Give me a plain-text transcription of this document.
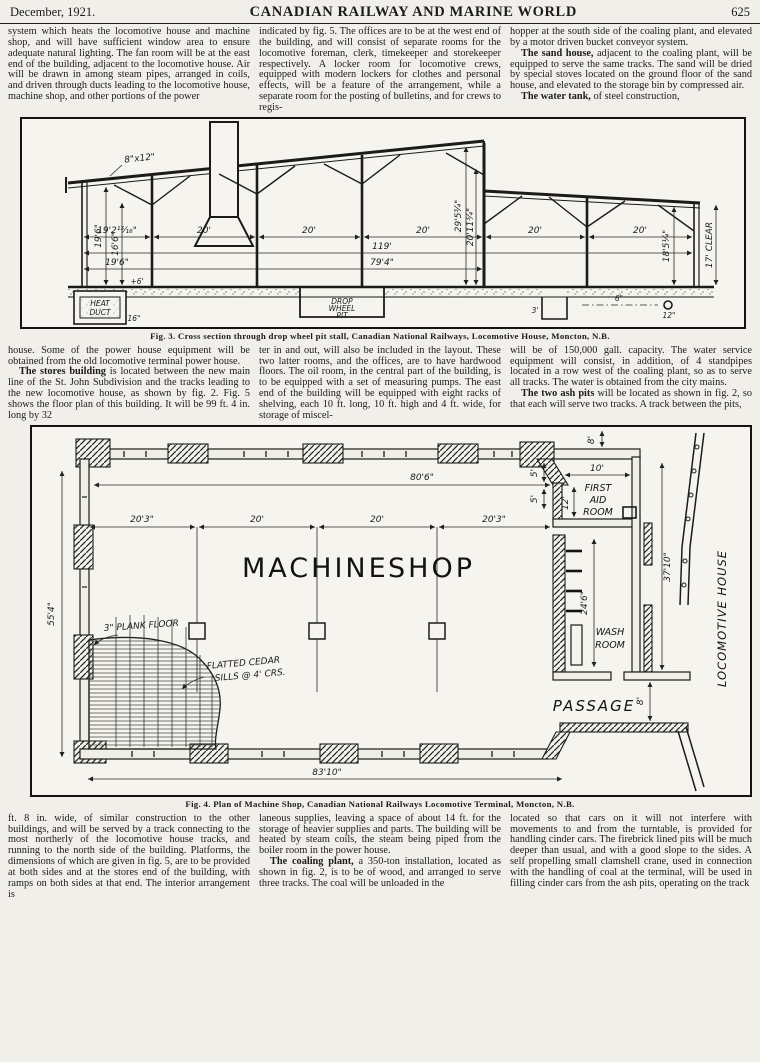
December, 1921.	CANADIAN RAILWAY AND MARINE WORLD	625

system which heats the locomotive house and machine shop, and will have sufficient window area to ensure adequate natural lighting. The fan room will be at the east end of the building, adjacent to the locomotive house. Air will be drawn in among steam pipes, arranged in coils, and driven through ducts leading to the locomotive house, machine shop, and other portions of the power

indicated by fig. 5. The offices are to be at the west end of the building, and will consist of separate rooms for the locomotive foreman, clerk, timekeeper and storekeeper respectively. A locker room for locomotive crews, equipped with modern lockers for clothes and personal effects, will be a feature of the arrangement, while a separate room for the posting of bulletins, and for crews to regis-

hopper at the south side of the coaling plant, and elevated by a motor driven bucket conveyor system.

The sand house, adjacent to the coaling plant, will be equipped to serve the same tracks. The sand will be dried by special stoves located on the ground floor of the sand house, and elevated to the storage bin by compressed air.

The water tank, of steel construction,

19'2¹³⁄₁₆"	20'	20'	20'	20'	20'
119'
19'6"	79'4"
19'6" 16'6"
29'5¾" 20'11¾"	18'5¼"	17' CLEAR
8"x12"
HEAT
DUCT
DROP
WHEEL
PIT
+6'
16"
3'
6"
12"
Fig. 3. Cross section through drop wheel pit stall, Canadian National Railways, Locomotive House, Moncton, N.B.

house. Some of the power house equipment will be obtained from the old locomotive terminal power house.

The stores building is located between the new main line of the St. John Subdivision and the tracks leading to the new locomotive house, as shown by fig. 2. Fig. 5 shows the floor plan of this building. It will be 99 ft. 4 in. long by 32

ter in and out, will also be included in the layout. These two latter rooms, and the offices, are to have hardwood floors. The oil room, in the central part of the building, is to be equipped with a set of measuring pumps. The east end of the building will be equipped with eight racks of shelving, each 10 ft. long, 10 ft. high and 4 ft. wide, for storage of miscel-

will be of 150,000 gall. capacity. The water service equipment will consist, in addition, of 4 standpipes located in a row west of the coaling plant, so as to serve all tracks. The water is obtained from the city mains.

The two ash pits will be located as shown in fig. 2, so that each will serve two tracks. A track between the pits,

MACHINE SHOP
80'6"
20'3"	20'	20'	20'3"
55'4"
83'10"
37'10"
10'
12'
5'
5'
8'
8'
24'6"
FIRST
AID
ROOM
WASH
ROOM
PASSAGE
LOCOMOTIVE HOUSE
3" PLANK FLOOR
FLATTED CEDAR
SILLS @ 4' CRS.
Fig. 4. Plan of Machine Shop, Canadian National Railways Locomotive Terminal, Moncton, N.B.

ft. 8 in. wide, of similar construction to the other buildings, and will be served by a track connecting to the most northerly of the locomotive house tracks, and running to the north side of the building. Platforms, the dimensions of which are given in fig. 5, are to be provided at both sides and at the stores end of the building, with ramps on both sides at that end. The interior arrangement is

laneous supplies, leaving a space of about 14 ft. for the storage of heavier supplies and parts. The building will be heated by steam coils, the steam being piped from the boiler room in the power house.

The coaling plant, a 350-ton installation, located as shown in fig. 2, is to be of wood, and arranged to serve three tracks. The coal will be unloaded in the

located so that cars on it will not interfere with movements to and from the turntable, is provided for handling cinder cars. The firebrick lined pits will be much deeper than usual, and with a good slope to the sides. A self propelling small clamshell crane, used in connection with the handling of coal at the terminal, will be used in filling cinder cars from the ash pits, operating on the track
